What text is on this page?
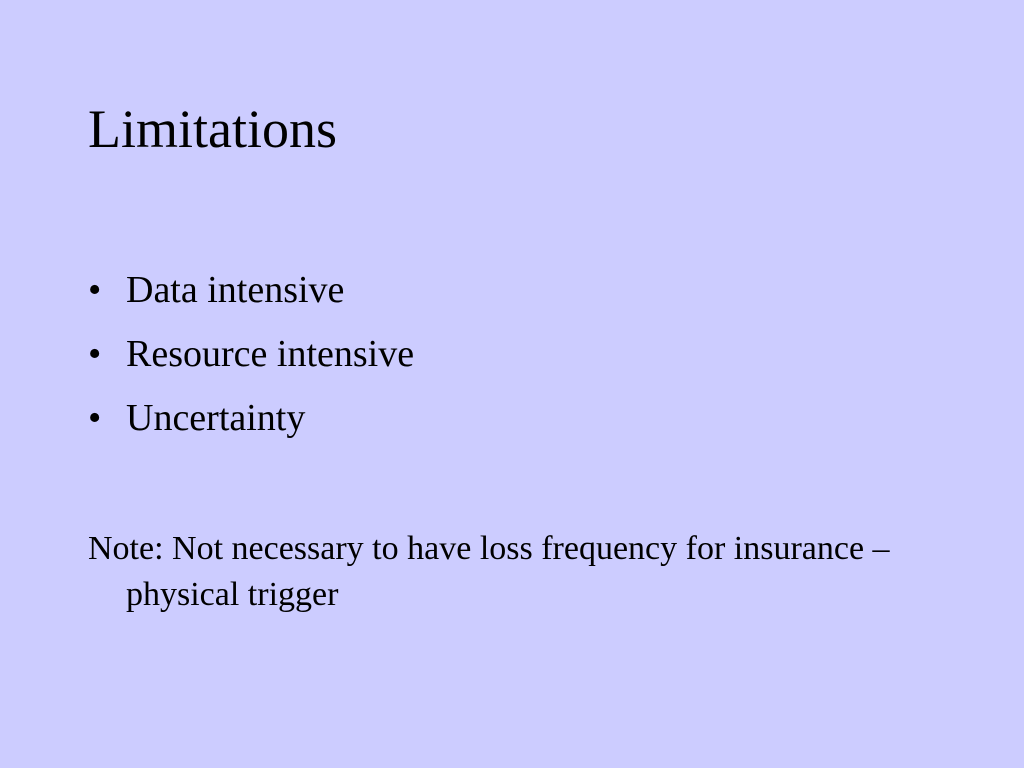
Limitations
• Data intensive
• Resource intensive
• Uncertainty

Note: Not necessary to have loss frequency for insurance – physical trigger
